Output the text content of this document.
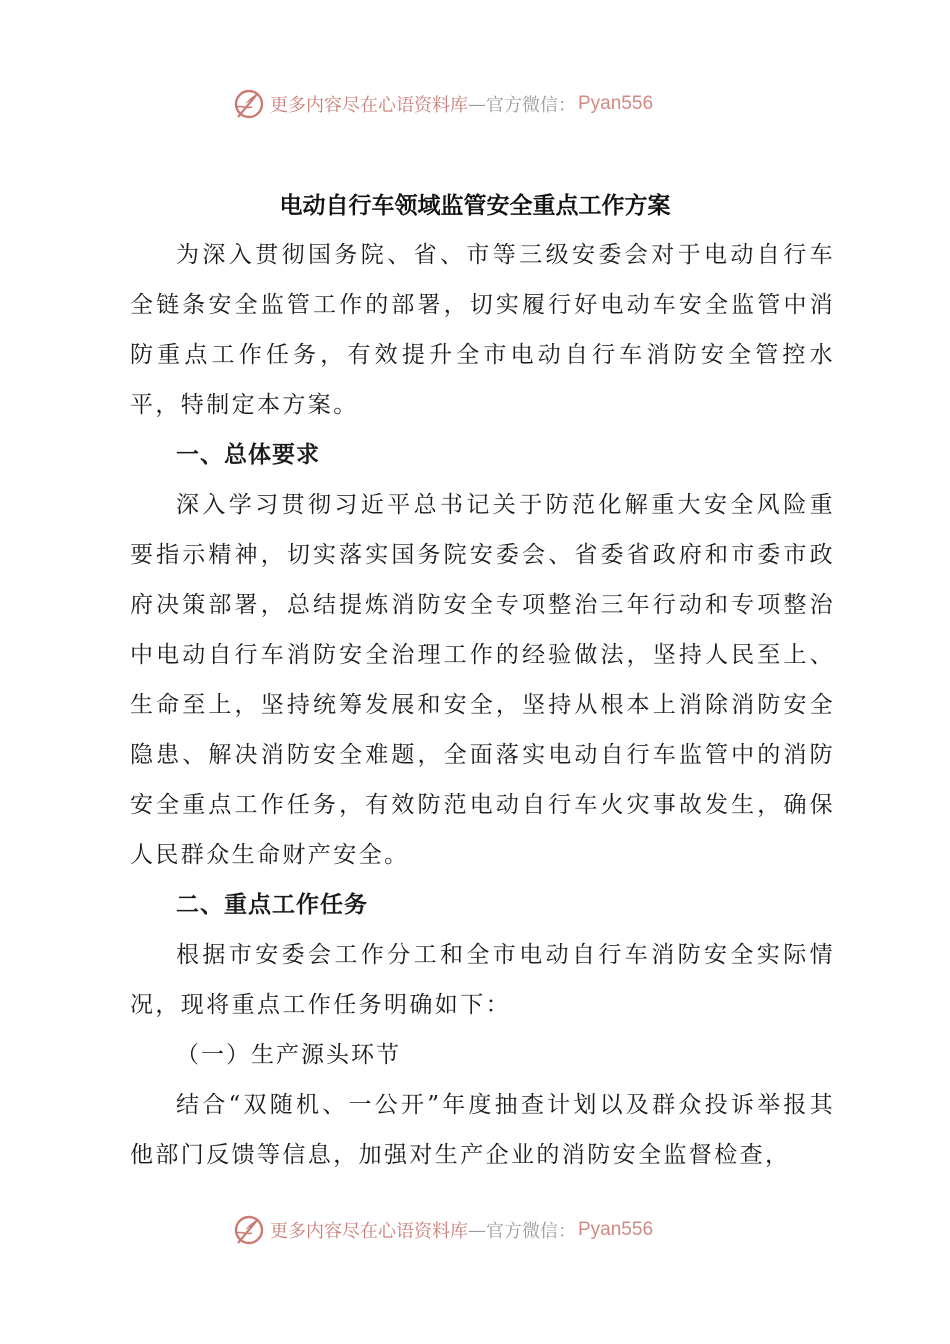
更多内容尽在心语资料库 — 官方微信： Pyan556
电动自行车领域监管安全重点工作方案

为深入贯彻国务院、省、市等三级安委会对于电动自行车全链条安全监管工作的部署，切实履行好电动车安全监管中消防重点工作任务，有效提升全市电动自行车消防安全管控水平，特制定本方案。

一、总体要求

深入学习贯彻习近平总书记关于防范化解重大安全风险重要指示精神，切实落实国务院安委会、省委省政府和市委市政府决策部署，总结提炼消防安全专项整治三年行动和专项整治中电动自行车消防安全治理工作的经验做法，坚持人民至上、生命至上，坚持统筹发展和安全，坚持从根本上消除消防安全隐患、解决消防安全难题，全面落实电动自行车监管中的消防安全重点工作任务，有效防范电动自行车火灾事故发生，确保人民群众生命财产安全。

二、重点工作任务

根据市安委会工作分工和全市电动自行车消防安全实际情况，现将重点工作任务明确如下：

（一）生产源头环节

结合“双随机、一公开”年度抽查计划以及群众投诉举报其他部门反馈等信息，加强对生产企业的消防安全监督检查，

更多内容尽在心语资料库 — 官方微信： Pyan556
